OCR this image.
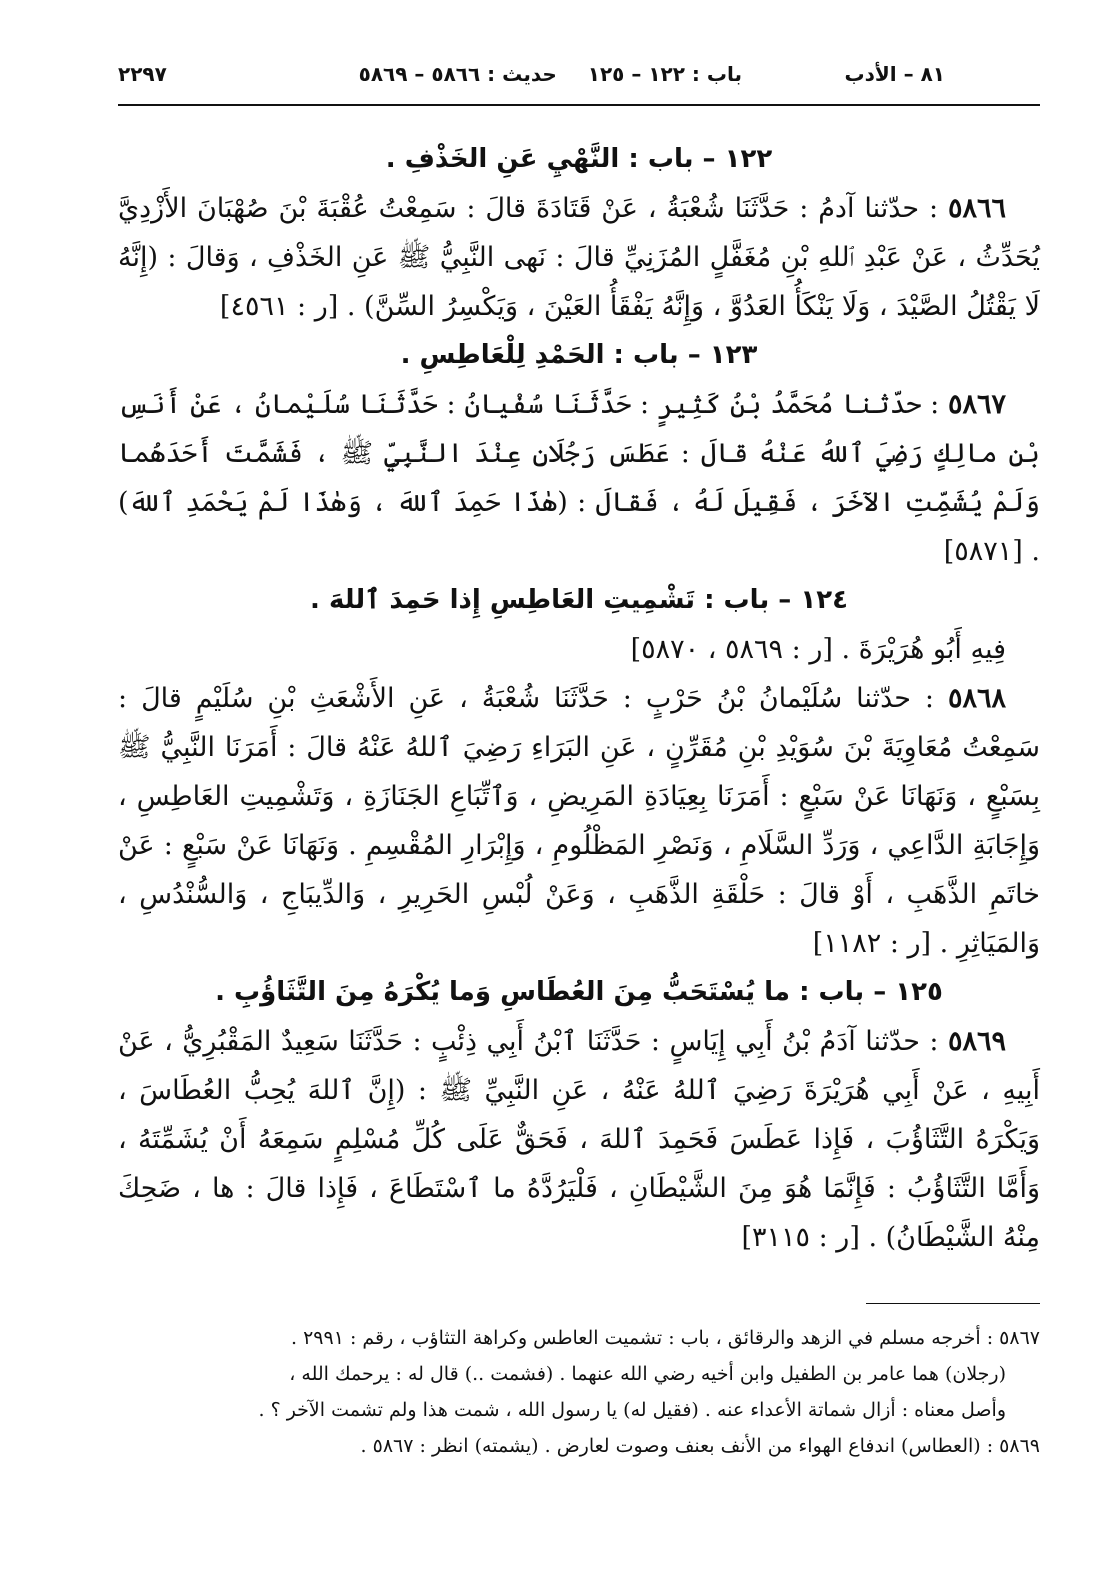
٨١ – الأدب
باب : ١٢٢ – ١٢٥ حديث : ٥٨٦٦ – ٥٨٦٩
٢٢٩٧

١٢٢ – باب : النَّهْيِ عَنِ الخَذْفِ .

٥٨٦٦ : حدّثنا آدمُ : حَدَّثَنَا شُعْبَةُ ، عَنْ قَتَادَةَ قالَ : سَمِعْتُ عُقْبَةَ بْنَ صُهْبَانَ الأَزْدِيَّ يُحَدِّثُ ، عَنْ عَبْدِ ٱللهِ بْنِ مُغَفَّلٍ المُزَنِيِّ قالَ : نَهى النَّبِيُّ ﷺ عَنِ الخَذْفِ ، وَقالَ : (إِنَّهُ لَا يَقْتُلُ الصَّيْدَ ، وَلَا يَنْكَأُ العَدُوَّ ، وَإِنَّهُ يَفْقَأُ العَيْنَ ، وَيَكْسِرُ السِّنَّ) . [ر : ٤٥٦١]

١٢٣ – باب : الحَمْدِ لِلْعَاطِسِ .

٥٨٦٧ : حدّثنا مُحَمَّدُ بْنُ كَثِيرٍ : حَدَّثَنَا سُفْيانُ : حَدَّثَنَا سُلَيْمانُ ، عَنْ أَنَسِ بْنِ مالِكٍ رَضِيَ ٱللهُ عَنْهُ قالَ : عَطَسَ رَجُلَانِ عِنْدَ النَّبِيِّ ﷺ ، فَشَمَّتَ أَحَدَهُما وَلَمْ يُشَمِّتِ الآخَرَ ، فَقِيلَ لَهُ ، فَقالَ : (هٰذَا حَمِدَ ٱللهَ ، وَهٰذَا لَمْ يَحْمَدِ ٱللهَ) . [٥٨٧١]

١٢٤ – باب : تَشْمِيتِ العَاطِسِ إِذا حَمِدَ ٱللهَ .

فِيهِ أَبُو هُرَيْرَةَ . [ر : ٥٨٦٩ ، ٥٨٧٠]

٥٨٦٨ : حدّثنا سُلَيْمانُ بْنُ حَرْبٍ : حَدَّثَنَا شُعْبَةُ ، عَنِ الأَشْعَثِ بْنِ سُلَيْمٍ قالَ : سَمِعْتُ مُعَاوِيَةَ بْنَ سُوَيْدِ بْنِ مُقَرِّنٍ ، عَنِ البَرَاءِ رَضِيَ ٱللهُ عَنْهُ قالَ : أَمَرَنَا النَّبِيُّ ﷺ بِسَبْعٍ ، وَنَهَانَا عَنْ سَبْعٍ : أَمَرَنَا بِعِيَادَةِ المَرِيضِ ، وَٱتِّبَاعِ الجَنَازَةِ ، وَتَشْمِيتِ العَاطِسِ ، وَإِجَابَةِ الدَّاعِي ، وَرَدِّ السَّلَامِ ، وَنَصْرِ المَظْلُومِ ، وَإِبْرَارِ المُقْسِمِ . وَنَهَانَا عَنْ سَبْعٍ : عَنْ خاتَمِ الذَّهَبِ ، أَوْ قالَ : حَلْقَةِ الذَّهَبِ ، وَعَنْ لُبْسِ الحَرِيرِ ، وَالدِّيبَاجِ ، وَالسُّنْدُسِ ، وَالمَيَاثِرِ . [ر : ١١٨٢]

١٢٥ – باب : ما يُسْتَحَبُّ مِنَ العُطَاسِ وَما يُكْرَهُ مِنَ التَّثَاؤُبِ .

٥٨٦٩ : حدّثنا آدَمُ بْنُ أَبِي إِيَاسٍ : حَدَّثَنَا ٱبْنُ أَبِي ذِئْبٍ : حَدَّثَنَا سَعِيدٌ المَقْبُرِيُّ ، عَنْ أَبِيهِ ، عَنْ أَبِي هُرَيْرَةَ رَضِيَ ٱللهُ عَنْهُ ، عَنِ النَّبِيِّ ﷺ : (إِنَّ ٱللهَ يُحِبُّ العُطَاسَ ، وَيَكْرَهُ التَّثَاؤُبَ ، فَإِذا عَطَسَ فَحَمِدَ ٱللهَ ، فَحَقٌّ عَلَى كُلِّ مُسْلِمٍ سَمِعَهُ أَنْ يُشَمِّتَهُ ، وَأَمَّا التَّثَاؤُبُ : فَإِنَّمَا هُوَ مِنَ الشَّيْطَانِ ، فَلْيَرُدَّهُ ما ٱسْتَطَاعَ ، فَإِذا قالَ : ها ، ضَحِكَ مِنْهُ الشَّيْطَانُ) . [ر : ٣١١٥]

٥٨٦٧ : أخرجه مسلم في الزهد والرقائق ، باب : تشميت العاطس وكراهة التثاؤب ، رقم : ٢٩٩١ .

(رجلان) هما عامر بن الطفيل وابن أخيه رضي الله عنهما . (فشمت ..) قال له : يرحمك الله ،

وأصل معناه : أزال شماتة الأعداء عنه . (فقيل له) يا رسول الله ، شمت هذا ولم تشمت الآخر ؟ .

٥٨٦٩ : (العطاس) اندفاع الهواء من الأنف بعنف وصوت لعارض . (يشمته) انظر : ٥٨٦٧ .
